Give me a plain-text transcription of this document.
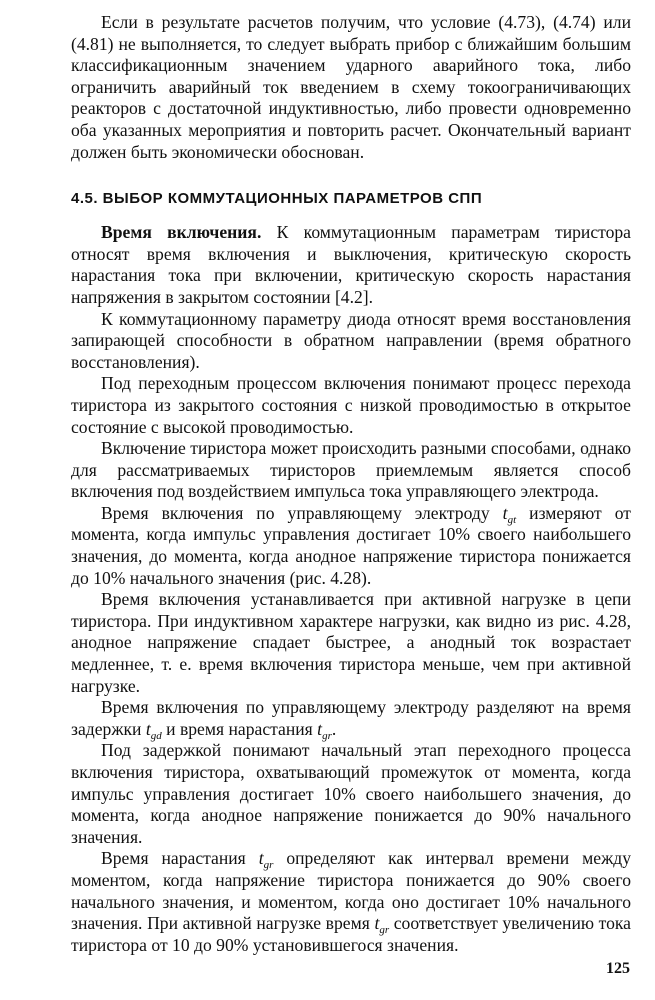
Если в результате расчетов получим, что условие (4.73), (4.74) или (4.81) не выполняется, то следует выбрать прибор с ближайшим большим классификационным значением ударного аварийного тока, либо ограничить аварийный ток введением в схему токоограничивающих реакторов с достаточной индуктивностью, либо провести одновременно оба указанных мероприятия и повторить расчет. Окончательный вариант должен быть экономически обоснован.

4.5. ВЫБОР КОММУТАЦИОННЫХ ПАРАМЕТРОВ СПП

Время включения. К коммутационным параметрам тиристора относят время включения и выключения, критическую скорость нарастания тока при включении, критическую скорость нарастания напряжения в закрытом состоянии [4.2].

К коммутационному параметру диода относят время восстановления запирающей способности в обратном направлении (время обратного восстановления).

Под переходным процессом включения понимают процесс перехода тиристора из закрытого состояния с низкой проводимостью в открытое состояние с высокой проводимостью.

Включение тиристора может происходить разными способами, однако для рассматриваемых тиристоров приемлемым является способ включения под воздействием импульса тока управляющего электрода.

Время включения по управляющему электроду $t_{gt}$ измеряют от момента, когда импульс управления достигает 10% своего наибольшего значения, до момента, когда анодное напряжение тиристора понижается до 10% начального значения (рис. 4.28).

Время включения устанавливается при активной нагрузке в цепи тиристора. При индуктивном характере нагрузки, как видно из рис. 4.28, анодное напряжение спадает быстрее, а анодный ток возрастает медленнее, т. е. время включения тиристора меньше, чем при активной нагрузке.

Время включения по управляющему электроду разделяют на время задержки $t_{gd}$ и время нарастания $t_{gr}$.

Под задержкой понимают начальный этап переходного процесса включения тиристора, охватывающий промежуток от момента, когда импульс управления достигает 10% своего наибольшего значения, до момента, когда анодное напряжение понижается до 90% начального значения.

Время нарастания $t_{gr}$ определяют как интервал времени между моментом, когда напряжение тиристора понижается до 90% своего начального значения, и моментом, когда оно достигает 10% начального значения. При активной нагрузке время $t_{gr}$ соответствует увеличению тока тиристора от 10 до 90% установившегося значения.

125
